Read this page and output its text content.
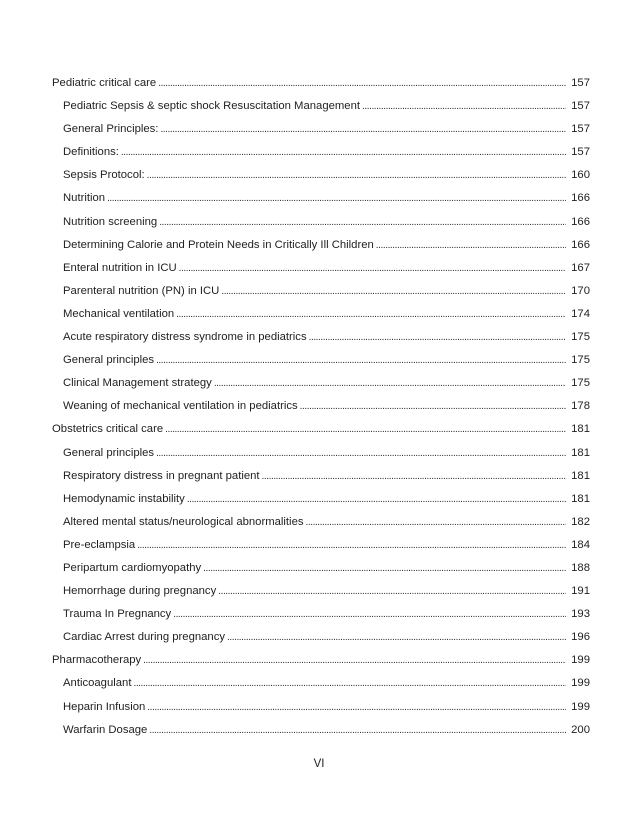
Pediatric critical care . . .	157
Pediatric Sepsis & septic shock Resuscitation Management . . .	157
General Principles: . . .	157
Definitions: . . .	157
Sepsis Protocol: . . .	160
Nutrition . . .	166
Nutrition screening . . .	166
Determining Calorie and Protein Needs in Critically Ill Children . . .	166
Enteral nutrition in ICU . . .	167
Parenteral nutrition (PN) in ICU . . .	170
Mechanical ventilation . . .	174
Acute respiratory distress syndrome in pediatrics . . .	175
General principles . . .	175
Clinical Management strategy . . .	175
Weaning of mechanical ventilation in pediatrics . . .	178
Obstetrics critical care . . .	181
General principles . . .	181
Respiratory distress in pregnant patient . . .	181
Hemodynamic instability . . .	181
Altered mental status/neurological abnormalities . . .	182
Pre-eclampsia . . .	184
Peripartum cardiomyopathy . . .	188
Hemorrhage during pregnancy . . .	191
Trauma In Pregnancy . . .	193
Cardiac Arrest during pregnancy . . .	196
Pharmacotherapy . . .	199
Anticoagulant . . .	199
Heparin Infusion . . .	199
Warfarin Dosage . . .	200
VI
